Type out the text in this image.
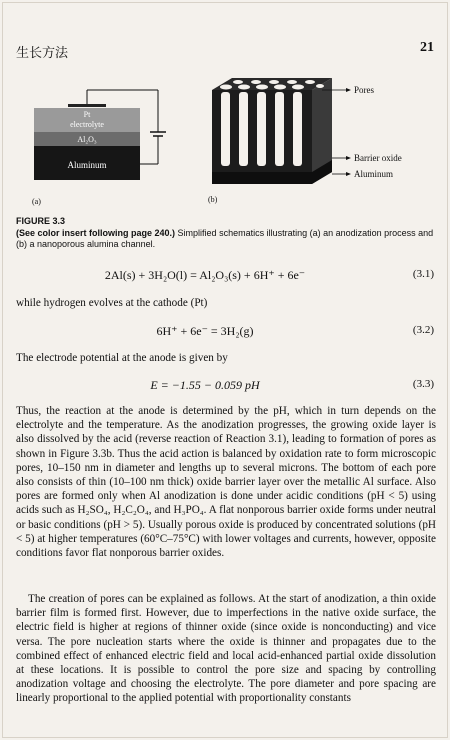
生长方法	21
Pt
electrolyte
Al₂O₃
Aluminum
(a)
Pores
Barrier oxide
Aluminum
(b)
FIGURE 3.3
(See color insert following page 240.) Simplified schematics illustrating (a) an anodization process and (b) a nanoporous alumina channel.
2Al(s) + 3H₂O(l) = Al₂O₃(s) + 6H⁺ + 6e⁻	(3.1)
while hydrogen evolves at the cathode (Pt)
6H⁺ + 6e⁻ = 3H₂(g)	(3.2)
The electrode potential at the anode is given by
E = −1.55 − 0.059 pH	(3.3)
Thus, the reaction at the anode is determined by the pH, which in turn depends on the electrolyte and the temperature. As the anodization progresses, the growing oxide layer is also dissolved by the acid (reverse reaction of Reaction 3.1), leading to formation of pores as shown in Figure 3.3b. Thus the acid action is balanced by oxidation rate to form microscopic pores, 10–150 nm in diameter and lengths up to several microns. The bottom of each pore also consists of thin (10–100 nm thick) oxide barrier layer over the metallic Al surface. Also pores are formed only when Al anodization is done under acidic conditions (pH < 5) using acids such as H₂SO₄, H₂C₂O₄, and H₃PO₄. A flat nonporous barrier oxide forms under neutral or basic conditions (pH > 5). Usually porous oxide is produced by concentrated solutions (pH < 5) at higher temperatures (60°C–75°C) with lower voltages and currents, however, opposite conditions favor flat nonporous barrier oxides.
The creation of pores can be explained as follows. At the start of anodization, a thin oxide barrier film is formed first. However, due to imperfections in the native oxide surface, the electric field is higher at regions of thinner oxide (since oxide is nonconducting) and vice versa. The pore nucleation starts where the oxide is thinner and propagates due to the combined effect of enhanced electric field and local acid-enhanced partial oxide dissolution at these locations. It is possible to control the pore size and spacing by controlling anodization voltage and choosing the electrolyte. The pore diameter and pore spacing are linearly proportional to the applied potential with proportionality constants
